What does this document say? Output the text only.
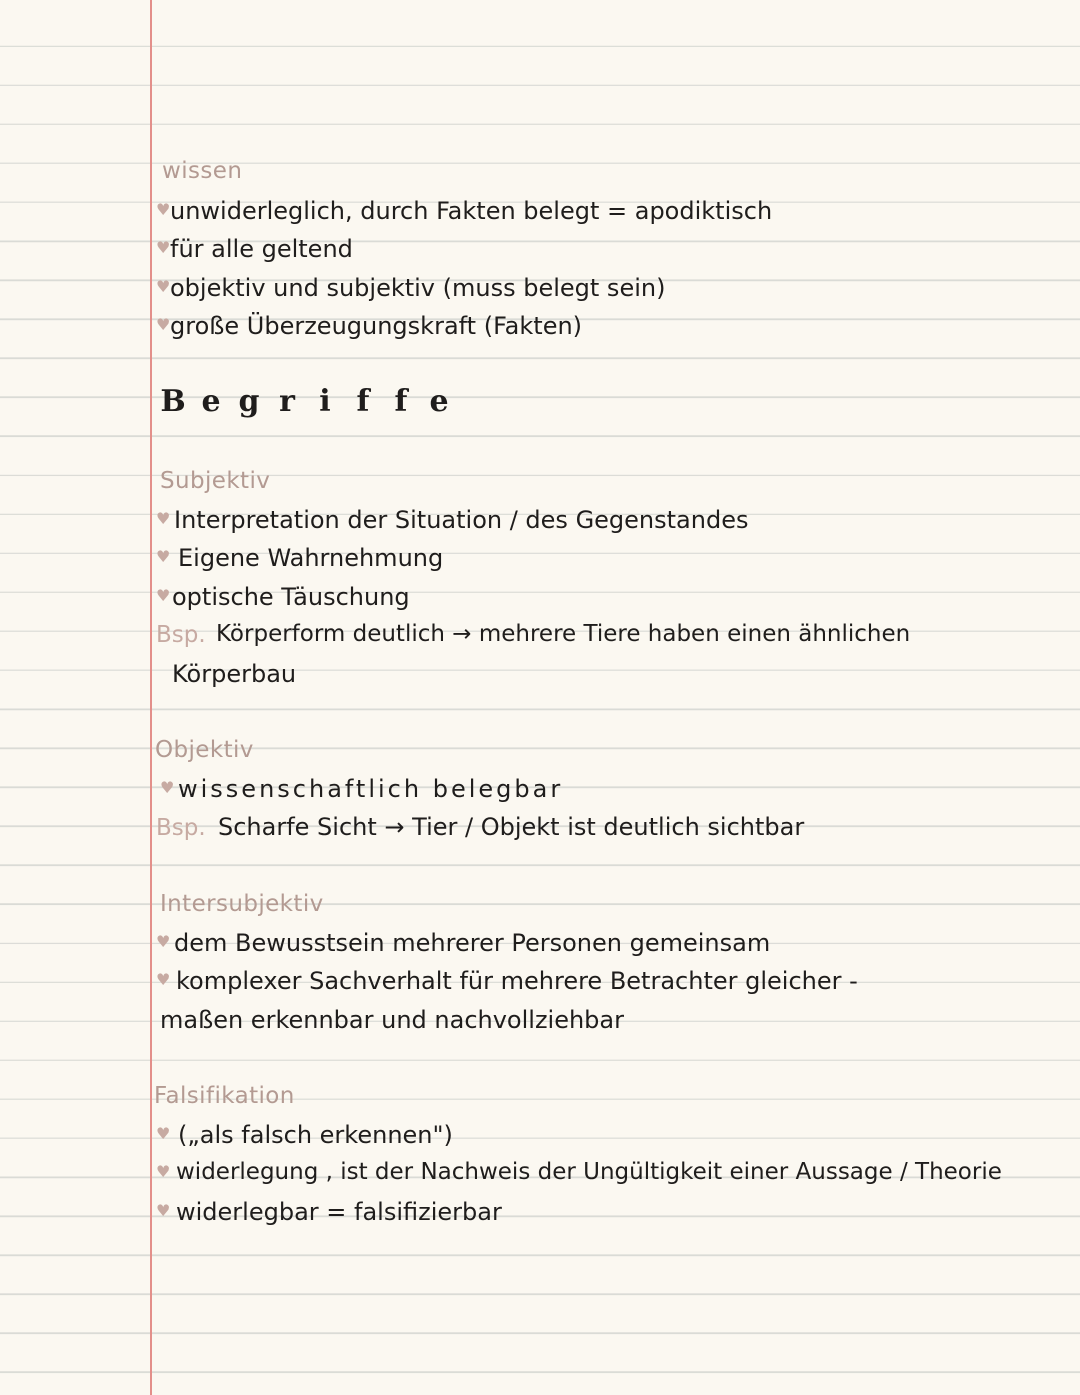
wissen
♥ unwiderleglich, durch Fakten belegt = apodiktisch
♥ für alle geltend
♥ objektiv und subjektiv (muss belegt sein)
♥ große Überzeugungskraft (Fakten)
B e g r i f f e
Subjektiv
♥ Interpretation der Situation / des Gegenstandes
♥ Eigene Wahrnehmung
♥ optische Täuschung
Bsp. Körperform deutlich → mehrere Tiere haben einen ähnlichen
Körperbau
Objektiv
♥ wissenschaftlich belegbar
Bsp. Scharfe Sicht → Tier / Objekt ist deutlich sichtbar
Intersubjektiv
♥ dem Bewusstsein mehrerer Personen gemeinsam
♥ komplexer Sachverhalt für mehrere Betrachter gleicher -
maßen erkennbar und nachvollziehbar
Falsifikation
♥ („als falsch erkennen")
♥ widerlegung , ist der Nachweis der Ungültigkeit einer Aussage / Theorie
♥ widerlegbar = falsifizierbar
